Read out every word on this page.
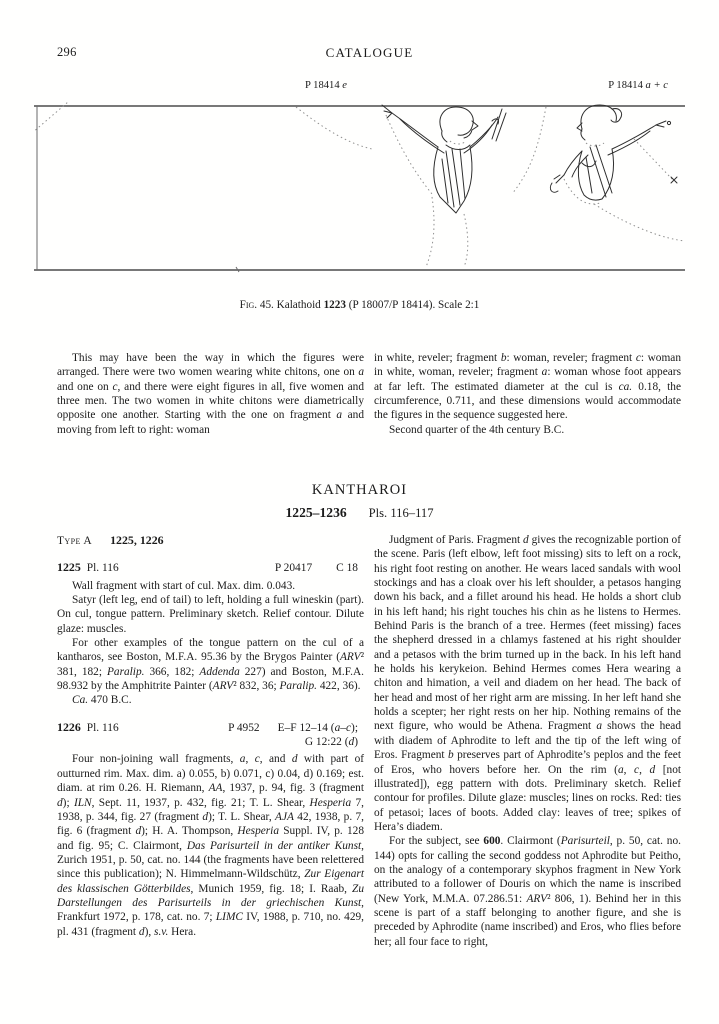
296	CATALOGUE
P 18414 e	P 18414 a + c
Fig. 45. Kalathoid 1223 (P 18007/P 18414). Scale 2:1

This may have been the way in which the figures were arranged. There were two women wearing white chitons, one on a and one on c, and there were eight figures in all, five women and three men. The two women in white chitons were diametrically opposite one another. Starting with the one on fragment a and moving from left to right: woman

in white, reveler; fragment b: woman, reveler; fragment c: woman in white, woman, reveler; fragment a: woman whose foot appears at far left. The estimated diameter at the cul is ca. 0.18, the circumference, 0.711, and these dimensions would accommodate the figures in the sequence suggested here.

Second quarter of the 4th century B.C.

KANTHAROI
1225–1236 Pls. 116–117
Type A 1225, 1226
1225 Pl. 116	P 20417 C 18

Wall fragment with start of cul. Max. dim. 0.043.

Satyr (left leg, end of tail) to left, holding a full wineskin (part). On cul, tongue pattern. Preliminary sketch. Relief contour. Dilute glaze: muscles.

For other examples of the tongue pattern on the cul of a kantharos, see Boston, M.F.A. 95.36 by the Brygos Painter (ARV² 381, 182; Paralip. 366, 182; Addenda 227) and Boston, M.F.A. 98.932 by the Amphitrite Painter (ARV² 832, 36; Paralip. 422, 36).

Ca. 470 B.C.

1226 Pl. 116	P 4952 E–F 12–14 (a–c);
G 12:22 (d)

Four non-joining wall fragments, a, c, and d with part of outturned rim. Max. dim. a) 0.055, b) 0.071, c) 0.04, d) 0.169; est. diam. at rim 0.26. H. Riemann, AA, 1937, p. 94, fig. 3 (fragment d); ILN, Sept. 11, 1937, p. 432, fig. 21; T. L. Shear, Hesperia 7, 1938, p. 344, fig. 27 (fragment d); T. L. Shear, AJA 42, 1938, p. 7, fig. 6 (fragment d); H. A. Thompson, Hesperia Suppl. IV, p. 128 and fig. 95; C. Clairmont, Das Parisurteil in der antiker Kunst, Zurich 1951, p. 50, cat. no. 144 (the fragments have been relettered since this publication); N. Himmelmann-Wildschütz, Zur Eigenart des klassischen Götterbildes, Munich 1959, fig. 18; I. Raab, Zu Darstellungen des Parisurteils in der griechischen Kunst, Frankfurt 1972, p. 178, cat. no. 7; LIMC IV, 1988, p. 710, no. 429, pl. 431 (fragment d), s.v. Hera.

Judgment of Paris. Fragment d gives the recognizable portion of the scene. Paris (left elbow, left foot missing) sits to left on a rock, his right foot resting on another. He wears laced sandals with wool stockings and has a cloak over his left shoulder, a petasos hanging down his back, and a fillet around his head. He holds a short club in his left hand; his right touches his chin as he listens to Hermes. Behind Paris is the branch of a tree. Hermes (feet missing) faces the shepherd dressed in a chlamys fastened at his right shoulder and a petasos with the brim turned up in the back. In his left hand he holds his kerykeion. Behind Hermes comes Hera wearing a chiton and himation, a veil and diadem on her head. The back of her head and most of her right arm are missing. In her left hand she holds a scepter; her right rests on her hip. Nothing remains of the next figure, who would be Athena. Fragment a shows the head with diadem of Aphrodite to left and the tip of the left wing of Eros. Fragment b preserves part of Aphrodite’s peplos and the feet of Eros, who hovers before her. On the rim (a, c, d [not illustrated]), egg pattern with dots. Preliminary sketch. Relief contour for profiles. Dilute glaze: muscles; lines on rocks. Red: ties of petasoi; laces of boots. Added clay: leaves of tree; spikes of Hera’s diadem.

For the subject, see 600. Clairmont (Parisurteil, p. 50, cat. no. 144) opts for calling the second goddess not Aphrodite but Peitho, on the analogy of a contemporary skyphos fragment in New York attributed to a follower of Douris on which the name is inscribed (New York, M.M.A. 07.286.51: ARV² 806, 1). Behind her in this scene is part of a staff belonging to another figure, and she is preceded by Aphrodite (name inscribed) and Eros, who flies before her; all four face to right,
